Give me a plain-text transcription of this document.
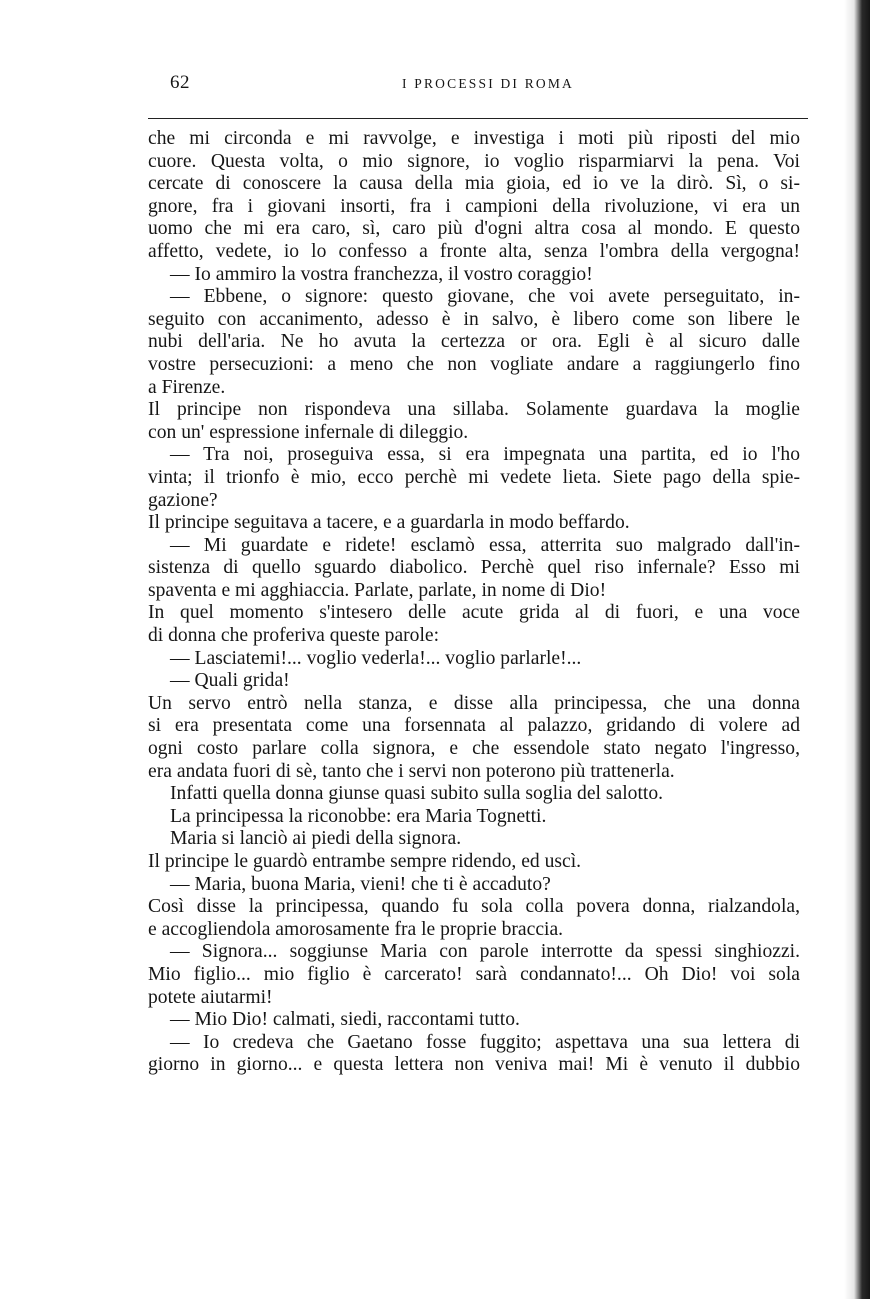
62	I PROCESSI DI ROMA
che mi circonda e mi ravvolge, e investiga i moti più riposti del mio
cuore. Questa volta, o mio signore, io voglio risparmiarvi la pena. Voi
cercate di conoscere la causa della mia gioia, ed io ve la dirò. Sì, o si-
gnore, fra i giovani insorti, fra i campioni della rivoluzione, vi era un
uomo che mi era caro, sì, caro più d'ogni altra cosa al mondo. E questo
affetto, vedete, io lo confesso a fronte alta, senza l'ombra della vergogna!
— Io ammiro la vostra franchezza, il vostro coraggio!
— Ebbene, o signore: questo giovane, che voi avete perseguitato, in-
seguito con accanimento, adesso è in salvo, è libero come son libere le
nubi dell'aria. Ne ho avuta la certezza or ora. Egli è al sicuro dalle
vostre persecuzioni: a meno che non vogliate andare a raggiungerlo fino
a Firenze.
Il principe non rispondeva una sillaba. Solamente guardava la moglie
con un' espressione infernale di dileggio.
— Tra noi, proseguiva essa, si era impegnata una partita, ed io l'ho
vinta; il trionfo è mio, ecco perchè mi vedete lieta. Siete pago della spie-
gazione?
Il principe seguitava a tacere, e a guardarla in modo beffardo.
— Mi guardate e ridete! esclamò essa, atterrita suo malgrado dall'in-
sistenza di quello sguardo diabolico. Perchè quel riso infernale? Esso mi
spaventa e mi agghiaccia. Parlate, parlate, in nome di Dio!
In quel momento s'intesero delle acute grida al di fuori, e una voce
di donna che proferiva queste parole:
— Lasciatemi!... voglio vederla!... voglio parlarle!...
— Quali grida!
Un servo entrò nella stanza, e disse alla principessa, che una donna
si era presentata come una forsennata al palazzo, gridando di volere ad
ogni costo parlare colla signora, e che essendole stato negato l'ingresso,
era andata fuori di sè, tanto che i servi non poterono più trattenerla.
Infatti quella donna giunse quasi subito sulla soglia del salotto.
La principessa la riconobbe: era Maria Tognetti.
Maria si lanciò ai piedi della signora.
Il principe le guardò entrambe sempre ridendo, ed uscì.
— Maria, buona Maria, vieni! che ti è accaduto?
Così disse la principessa, quando fu sola colla povera donna, rialzandola,
e accogliendola amorosamente fra le proprie braccia.
— Signora... soggiunse Maria con parole interrotte da spessi singhiozzi.
Mio figlio... mio figlio è carcerato! sarà condannato!... Oh Dio! voi sola
potete aiutarmi!
— Mio Dio! calmati, siedi, raccontami tutto.
— Io credeva che Gaetano fosse fuggito; aspettava una sua lettera di
giorno in giorno... e questa lettera non veniva mai! Mi è venuto il dubbio
